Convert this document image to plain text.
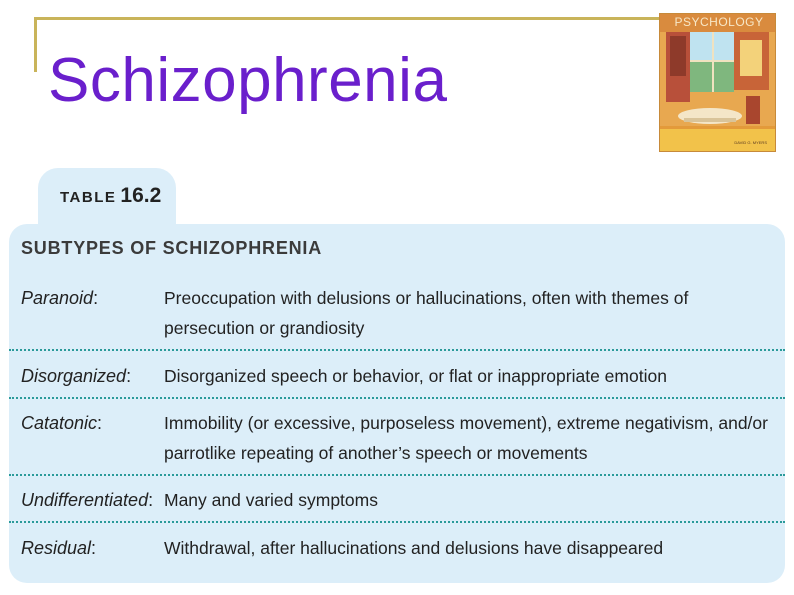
Schizophrenia
PSYCHOLOGY
DAVID G. MYERS
TABLE 16.2
SUBTYPES OF SCHIZOPHRENIA
Paranoid:	Preoccupation with delusions or hallucinations, often with themes of persecution or grandiosity
Disorganized: Disorganized speech or behavior, or flat or inappropriate emotion
Catatonic:	Immobility (or excessive, purposeless movement), extreme negativism, and/or parrotlike repeating of another’s speech or movements
Undifferentiated: Many and varied symptoms
Residual:	Withdrawal, after hallucinations and delusions have disappeared
